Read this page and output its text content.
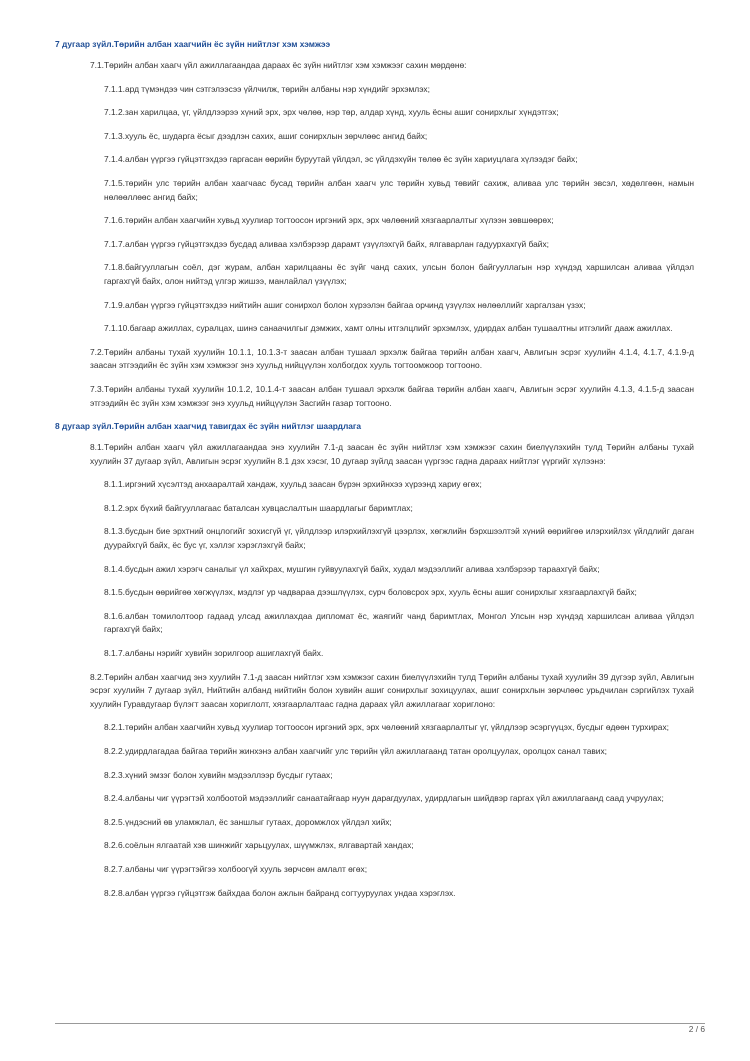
7 дугаар зүйл.Төрийн албан хаагчийн ёс зүйн нийтлэг хэм хэмжээ

7.1.Төрийн албан хаагч үйл ажиллагаандаа дараах ёс зүйн нийтлэг хэм хэмжээг сахин мөрдөнө:

7.1.1.ард түмэндээ чин сэтгэлээсээ үйлчилж, төрийн албаны нэр хүндийг эрхэмлэх;

7.1.2.зан харилцаа, үг, үйлдлээрээ хүний эрх, эрх чөлөө, нэр төр, алдар хүнд, хууль ёсны ашиг сонирхлыг хүндэтгэх;

7.1.3.хууль ёс, шударга ёсыг дээдлэн сахих, ашиг сонирхлын зөрчлөөс ангид байх;

7.1.4.албан үүргээ гүйцэтгэхдээ гаргасан өөрийн буруутай үйлдэл, эс үйлдэхүйн төлөө ёс зүйн хариуцлага хүлээдэг байх;

7.1.5.төрийн улс төрийн албан хаагчаас бусад төрийн албан хаагч улс төрийн хувьд төвийг сахиж, аливаа улс төрийн эвсэл, хөдөлгөөн, намын нөлөөллөөс ангид байх;

7.1.6.төрийн албан хаагчийн хувьд хуулиар тогтоосон иргэний эрх, эрх чөлөөний хязгаарлалтыг хүлээн зөвшөөрөх;

7.1.7.албан үүргээ гүйцэтгэхдээ бусдад аливаа хэлбэрээр дарамт үзүүлэхгүй байх, ялгаварлан гадуурхахгүй байх;

7.1.8.байгууллагын соёл, дэг журам, албан харилцааны ёс зүйг чанд сахих, улсын болон байгууллагын нэр хүндэд харшилсан аливаа үйлдэл гаргахгүй байх, олон нийтэд үлгэр жишээ, манлайлал үзүүлэх;

7.1.9.албан үүргээ гүйцэтгэхдээ нийтийн ашиг сонирхол болон хүрээлэн байгаа орчинд үзүүлэх нөлөөллийг харгалзан үзэх;

7.1.10.багаар ажиллах, суралцах, шинэ санаачилгыг дэмжих, хамт олны итгэлцлийг эрхэмлэх, удирдах албан тушаалтны итгэлийг дааж ажиллах.

7.2.Төрийн албаны тухай хуулийн 10.1.1, 10.1.3-т заасан албан тушаал эрхэлж байгаа төрийн албан хаагч, Авлигын эсрэг хуулийн 4.1.4, 4.1.7, 4.1.9-д заасан этгээдийн ёс зүйн хэм хэмжээг энэ хуульд нийцүүлэн холбогдох хууль тогтоомжоор тогтооно.

7.3.Төрийн албаны тухай хуулийн 10.1.2, 10.1.4-т заасан албан тушаал эрхэлж байгаа төрийн албан хаагч, Авлигын эсрэг хуулийн 4.1.3, 4.1.5-д заасан этгээдийн ёс зүйн хэм хэмжээг энэ хуульд нийцүүлэн Засгийн газар тогтооно.

8 дугаар зүйл.Төрийн албан хаагчид тавигдах ёс зүйн нийтлэг шаардлага

8.1.Төрийн албан хаагч үйл ажиллагаандаа энэ хуулийн 7.1-д заасан ёс зүйн нийтлэг хэм хэмжээг сахин биелүүлэхийн тулд Төрийн албаны тухай хуулийн 37 дугаар зүйл, Авлигын эсрэг хуулийн 8.1 дэх хэсэг, 10 дугаар зүйлд заасан үүргээс гадна дараах нийтлэг үүргийг хүлээнэ:

8.1.1.иргэний хүсэлтэд анхааралтай хандаж, хуульд заасан бүрэн эрхийнхээ хүрээнд хариу өгөх;

8.1.2.эрх бүхий байгууллагаас баталсан хувцаслалтын шаардлагыг баримтлах;

8.1.3.бусдын бие эрхтний онцлогийг зохисгүй үг, үйлдлээр илэрхийлэхгүй цээрлэх, хөгжлийн бэрхшээлтэй хүний өөрийгөө илэрхийлэх үйлдлийг даган дуурайхгүй байх, ёс бус үг, хэллэг хэрэглэхгүй байх;

8.1.4.бусдын ажил хэрэгч саналыг үл хайхрах, мушгин гуйвуулахгүй байх, худал мэдээллийг аливаа хэлбэрээр тараахгүй байх;

8.1.5.бусдын өөрийгөө хөгжүүлэх, мэдлэг ур чадвараа дээшлүүлэх, сурч боловсрох эрх, хууль ёсны ашиг сонирхлыг хязгаарлахгүй байх;

8.1.6.албан томилолтоор гадаад улсад ажиллахдаа дипломат ёс, жаягийг чанд баримтлах, Монгол Улсын нэр хүндэд харшилсан аливаа үйлдэл гаргахгүй байх;

8.1.7.албаны нэрийг хувийн зорилгоор ашиглахгүй байх.

8.2.Төрийн албан хаагчид энэ хуулийн 7.1-д заасан нийтлэг хэм хэмжээг сахин биелүүлэхийн тулд Төрийн албаны тухай хуулийн 39 дүгээр зүйл, Авлигын эсрэг хуулийн 7 дугаар зүйл, Нийтийн албанд нийтийн болон хувийн ашиг сонирхлыг зохицуулах, ашиг сонирхлын зөрчлөөс урьдчилан сэргийлэх тухай хуулийн Гуравдугаар бүлэгт заасан хориглолт, хязгаарлалтаас гадна дараах үйл ажиллагааг хориглоно:

8.2.1.төрийн албан хаагчийн хувьд хуулиар тогтоосон иргэний эрх, эрх чөлөөний хязгаарлалтыг үг, үйлдлээр эсэргүүцэх, бусдыг өдөөн турхирах;

8.2.2.удирдлагадаа байгаа төрийн жинхэнэ албан хаагчийг улс төрийн үйл ажиллагаанд татан оролцуулах, оролцох санал тавих;

8.2.3.хүний эмзэг болон хувийн мэдээллээр бусдыг гутаах;

8.2.4.албаны чиг үүрэгтэй холбоотой мэдээллийг санаатайгаар нуун дарагдуулах, удирдлагын шийдвэр гаргах үйл ажиллагаанд саад учруулах;

8.2.5.үндэсний өв уламжлал, ёс заншлыг гутаах, доромжлох үйлдэл хийх;

8.2.6.соёлын ялгаатай хэв шинжийг харьцуулах, шүүмжлэх, ялгавартай хандах;

8.2.7.албаны чиг үүрэгтэйгээ холбоогүй хууль зөрчсөн амлалт өгөх;

8.2.8.албан үүргээ гүйцэтгэж байхдаа болон ажлын байранд согтууруулах ундаа хэрэглэх.

2 / 6
